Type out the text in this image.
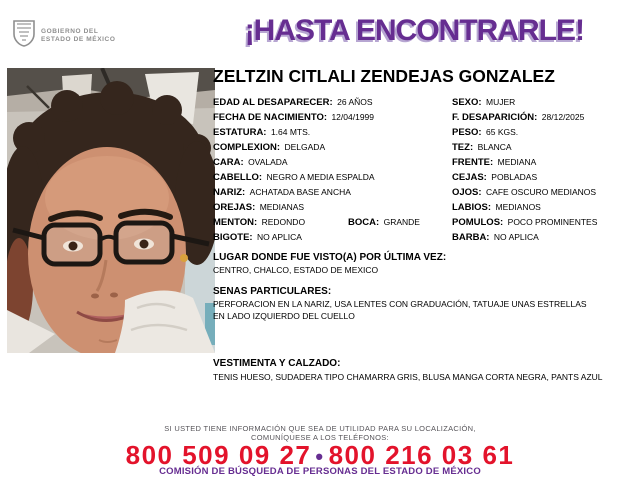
GOBIERNO DEL
ESTADO DE MÉXICO	¡HASTA ENCONTRARLE!
ZELTZIN CITLALI ZENDEJAS GONZALEZ
EDAD AL DESAPARECER: 26 AÑOS
FECHA DE NACIMIENTO: 12/04/1999
ESTATURA: 1.64 MTS.
COMPLEXION: DELGADA
CARA: OVALADA
CABELLO: NEGRO A MEDIA ESPALDA
NARIZ: ACHATADA BASE ANCHA
OREJAS: MEDIANAS
MENTON: REDONDO
BIGOTE: NO APLICA
BOCA: GRANDE
SEXO: MUJER
F. DESAPARICIÓN: 28/12/2025
PESO: 65 KGS.
TEZ: BLANCA
FRENTE: MEDIANA
CEJAS: POBLADAS
OJOS: CAFE OSCURO MEDIANOS
LABIOS: MEDIANOS
POMULOS: POCO PROMINENTES
BARBA: NO APLICA
LUGAR DONDE FUE VISTO(A) POR ÚLTIMA VEZ:
CENTRO, CHALCO, ESTADO DE MEXICO
SENAS PARTICULARES:
PERFORACION EN LA NARIZ, USA LENTES CON GRADUACIÓN, TATUAJE UNAS ESTRELLAS EN LADO IZQUIERDO DEL CUELLO
VESTIMENTA Y CALZADO:
TENIS HUESO, SUDADERA TIPO CHAMARRA GRIS, BLUSA MANGA CORTA NEGRA, PANTS AZUL
SI USTED TIENE INFORMACIÓN QUE SEA DE UTILIDAD PARA SU LOCALIZACIÓN,
COMUNÍQUESE A LOS TELÉFONOS:
800 509 09 27 • 800 216 03 61
COMISIÓN DE BÚSQUEDA DE PERSONAS DEL ESTADO DE MÉXICO
